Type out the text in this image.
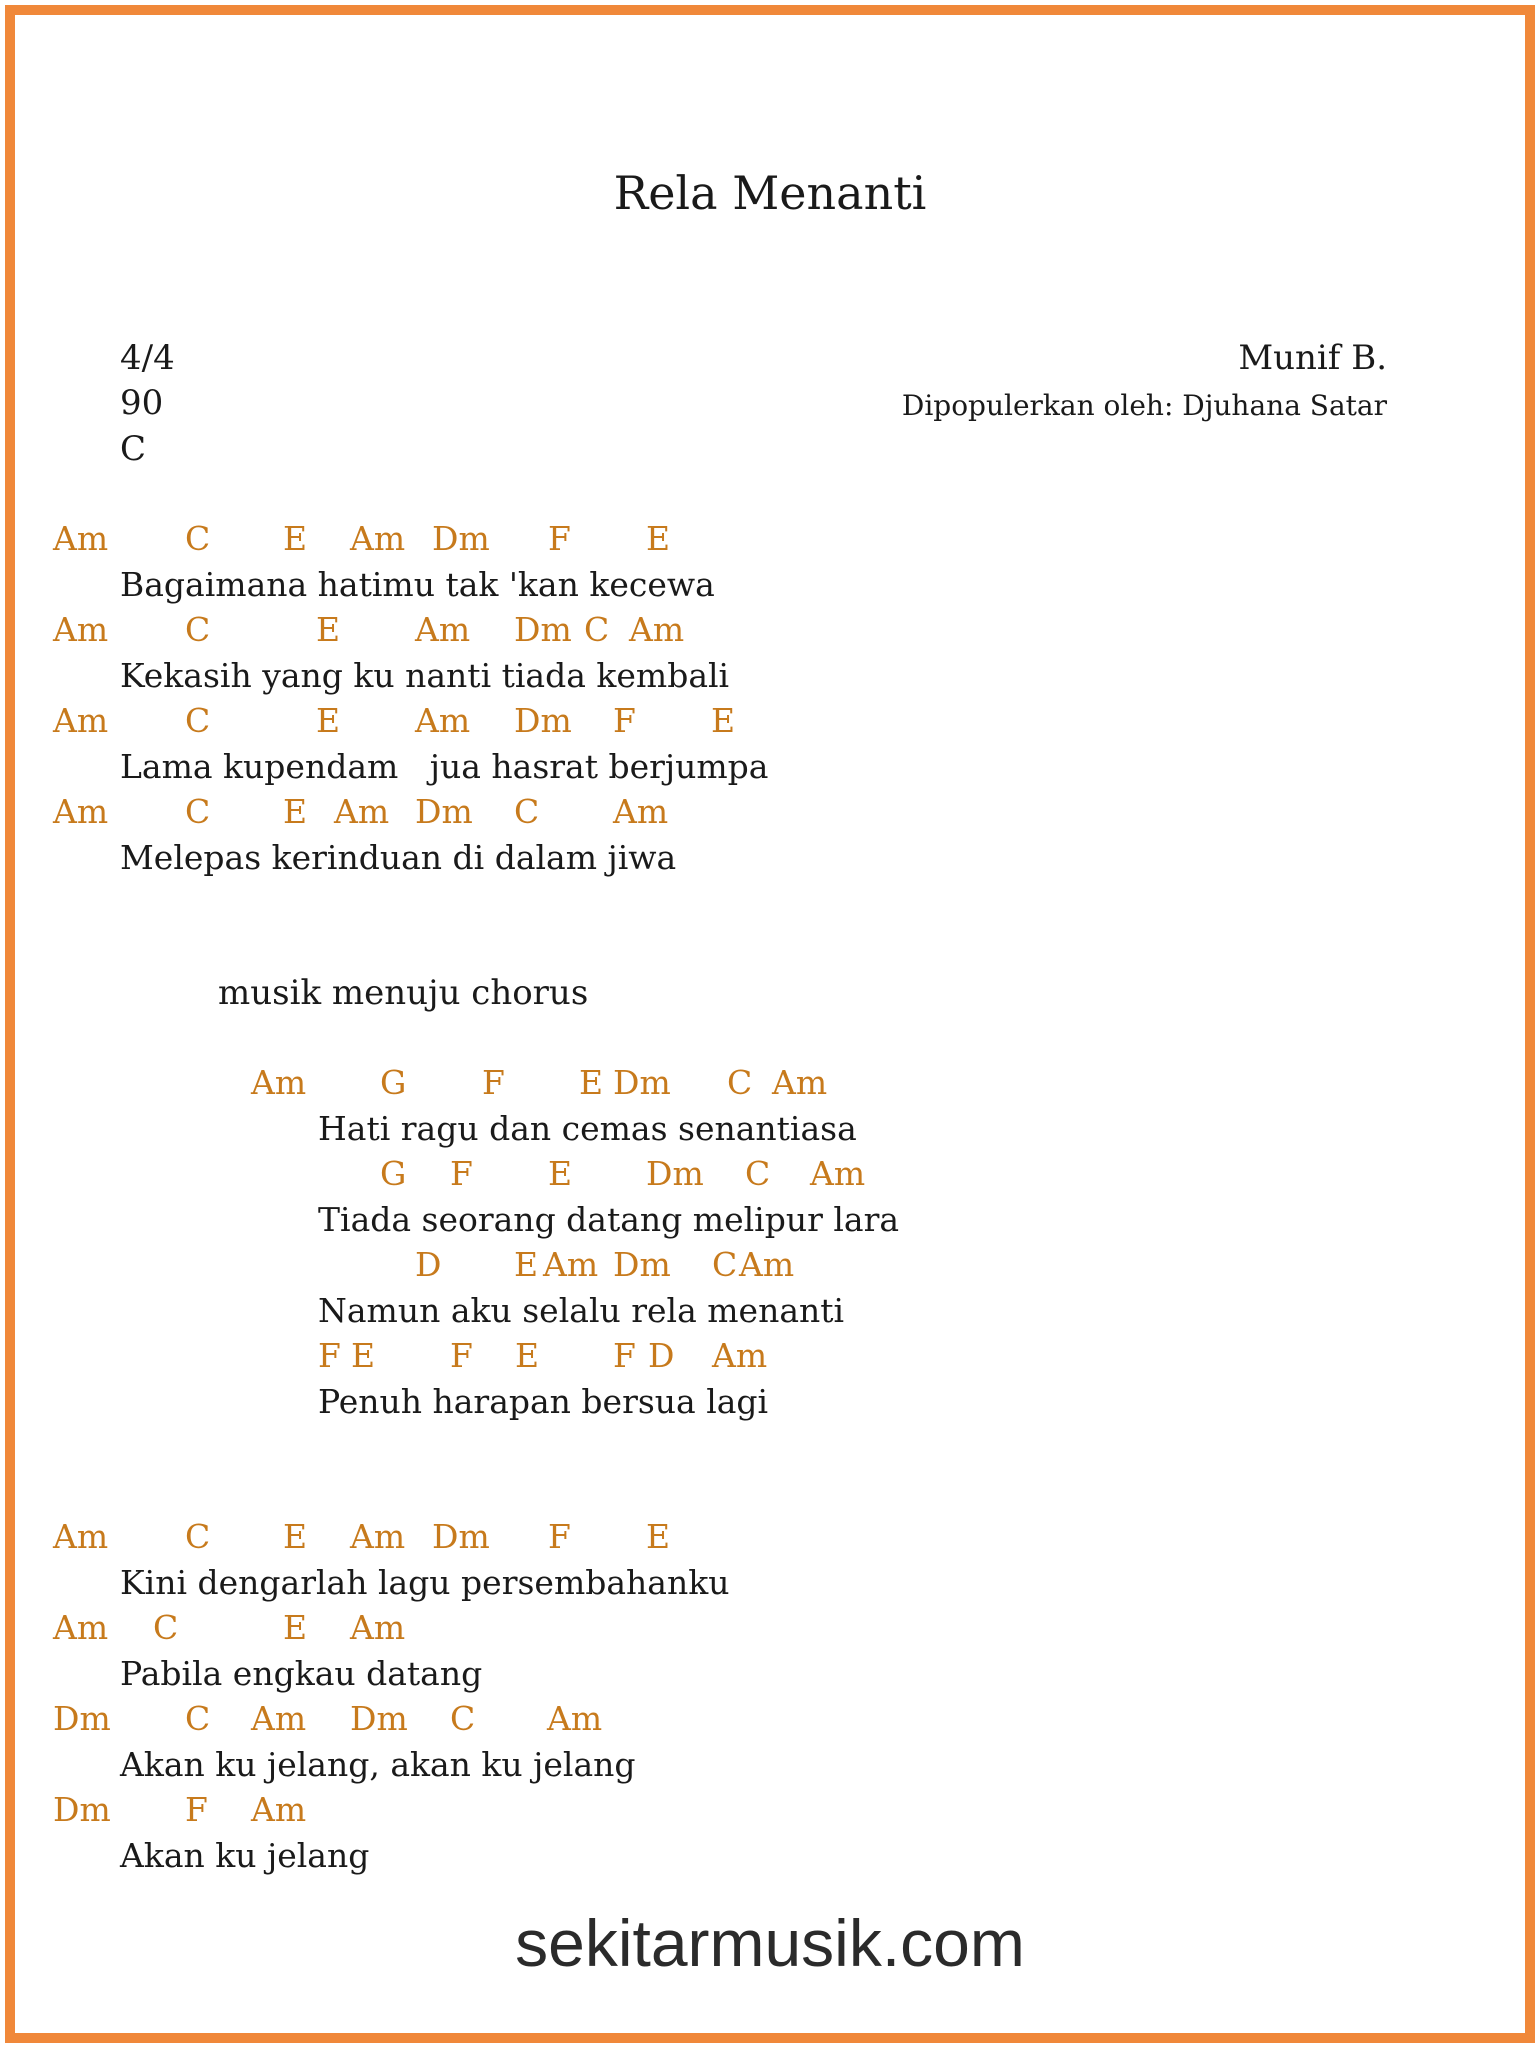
Rela Menanti
4/4
90
C
Munif B.
Dipopulerkan oleh: Djuhana Satar
Am C E Am Dm F E
Bagaimana hatimu tak 'kan kecewa
Am C	E Am Dm C Am
Kekasih yang ku nanti tiada kembali
Am C	E Am Dm F E
Lama kupendam   jua hasrat berjumpa
Am C E Am Dm C Am
Melepas kerinduan di dalam jiwa
musik menuju chorus
Am G F E Dm C Am
Hati ragu dan cemas senantiasa
G F E Dm C Am
Tiada seorang datang melipur lara
D E Am Dm C Am
Namun aku selalu rela menanti
F E F E F D Am
Penuh harapan bersua lagi
Am C E Am Dm F E
Kini dengarlah lagu persembahanku
Am C	E Am
Pabila engkau datang
Dm C Am Dm C Am
Akan ku jelang, akan ku jelang
Dm F Am
Akan ku jelang
sekitarmusik.com
